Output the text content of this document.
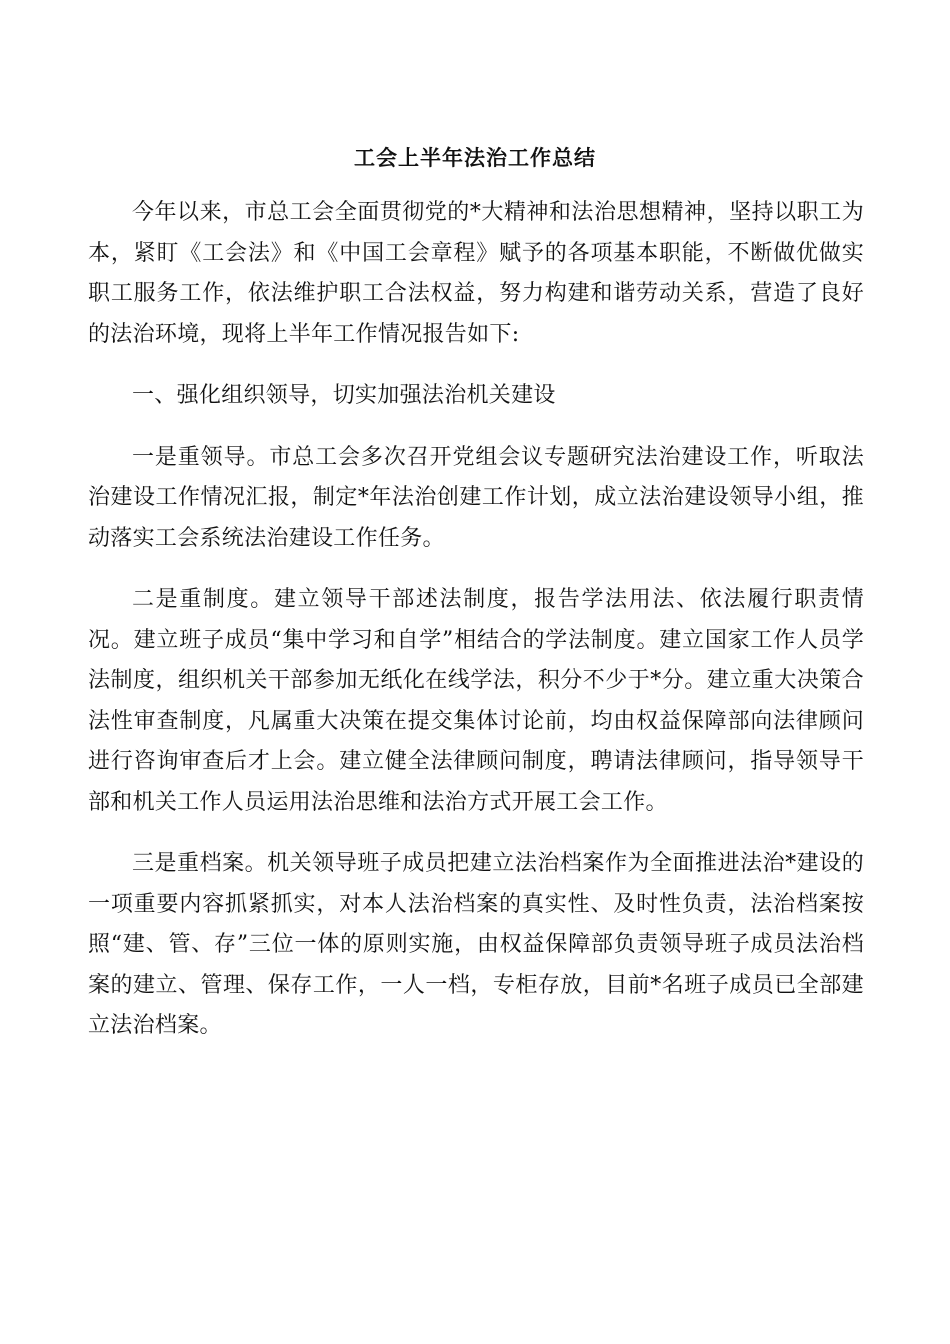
工会上半年法治工作总结

今年以来，市总工会全面贯彻党的*大精神和法治思想精神，坚持以职工为本，紧盯《工会法》和《中国工会章程》赋予的各项基本职能，不断做优做实职工服务工作，依法维护职工合法权益，努力构建和谐劳动关系，营造了良好的法治环境，现将上半年工作情况报告如下:

一、强化组织领导，切实加强法治机关建设

一是重领导。市总工会多次召开党组会议专题研究法治建设工作，听取法治建设工作情况汇报，制定*年法治创建工作计划，成立法治建设领导小组，推动落实工会系统法治建设工作任务。

二是重制度。建立领导干部述法制度，报告学法用法、依法履行职责情况。建立班子成员“集中学习和自学”相结合的学法制度。建立国家工作人员学法制度，组织机关干部参加无纸化在线学法，积分不少于*分。建立重大决策合法性审查制度，凡属重大决策在提交集体讨论前，均由权益保障部向法律顾问进行咨询审查后才上会。建立健全法律顾问制度，聘请法律顾问，指导领导干部和机关工作人员运用法治思维和法治方式开展工会工作。

三是重档案。机关领导班子成员把建立法治档案作为全面推进法治*建设的一项重要内容抓紧抓实，对本人法治档案的真实性、及时性负责，法治档案按照“建、管、存”三位一体的原则实施，由权益保障部负责领导班子成员法治档案的建立、管理、保存工作，一人一档，专柜存放，目前*名班子成员已全部建立法治档案。
